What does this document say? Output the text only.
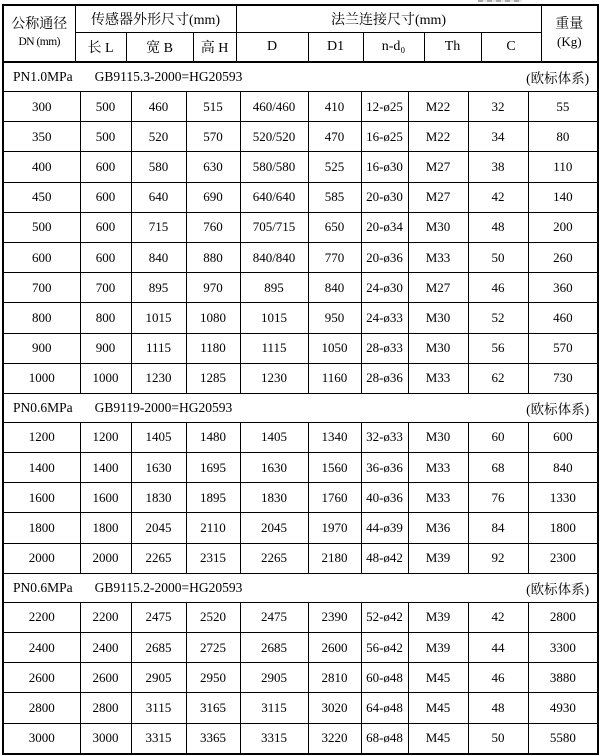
公称通径
DN (mm)	传感器外形尺寸(mm)			法兰连接尺寸(mm)					重量
(Kg)

	长 L	宽 B	高 H	D	D1	n-d₀	Th	C	
PN1.0MPa GB9115.3-2000=HG20593 (欧标体系)									

300	500	460	515	460/460	410	12-ø25	M22	32	55
350	500	520	570	520/520	470	16-ø25	M22	34	80
400	600	580	630	580/580	525	16-ø30	M27	38	110
450	600	640	690	640/640	585	20-ø30	M27	42	140
500	600	715	760	705/715	650	20-ø34	M30	48	200
600	600	840	880	840/840	770	20-ø36	M33	50	260
700	700	895	970	895	840	24-ø30	M27	46	360
800	800	1015	1080	1015	950	24-ø33	M30	52	460
900	900	1115	1180	1115	1050	28-ø33	M30	56	570
1000	1000	1230	1285	1230	1160	28-ø36	M33	62	730

PN0.6MPa GB9119-2000=HG20593 (欧标体系)									

1200	1200	1405	1480	1405	1340	32-ø33	M30	60	600
1400	1400	1630	1695	1630	1560	36-ø36	M33	68	840
1600	1600	1830	1895	1830	1760	40-ø36	M33	76	1330
1800	1800	2045	2110	2045	1970	44-ø39	M36	84	1800
2000	2000	2265	2315	2265	2180	48-ø42	M39	92	2300

PN0.6MPa GB9115.2-2000=HG20593 (欧标体系)									

2200	2200	2475	2520	2475	2390	52-ø42	M39	42	2800
2400	2400	2685	2725	2685	2600	56-ø42	M39	44	3300
2600	2600	2905	2950	2905	2810	60-ø48	M45	46	3880
2800	2800	3115	3165	3115	3020	64-ø48	M45	48	4930
3000	3000	3315	3365	3315	3220	68-ø48	M45	50	5580
